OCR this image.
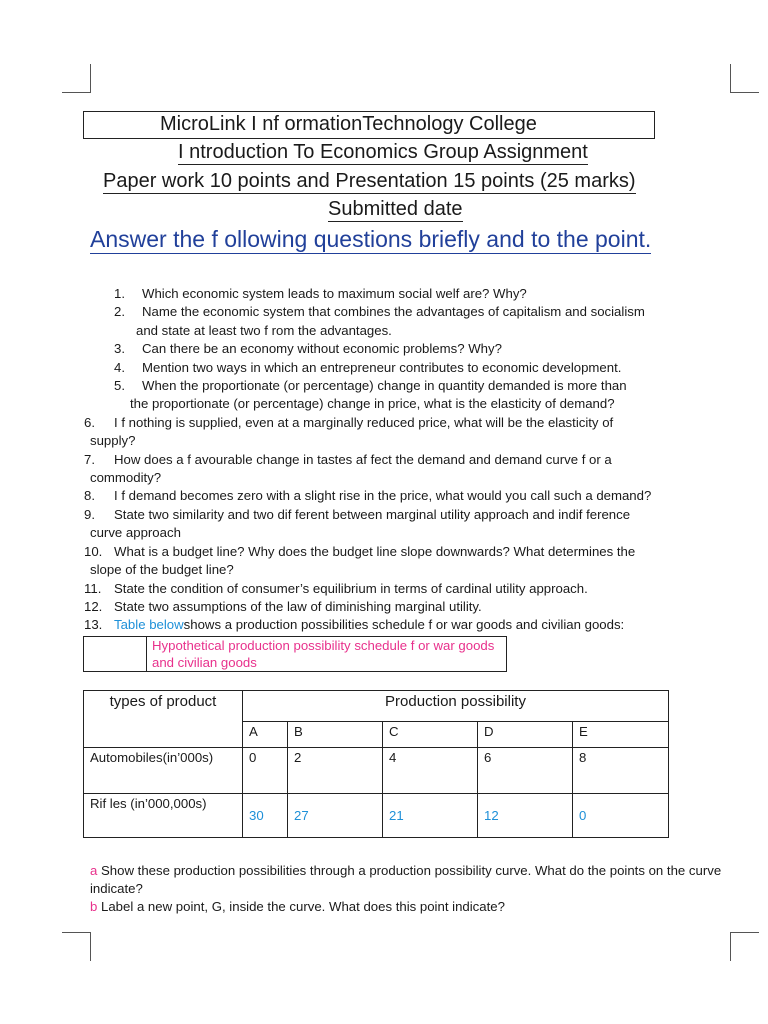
MicroLink I nf ormationTechnology College
I ntroduction To Economics Group Assignment
Paper work 10 points and Presentation 15 points (25 marks)
Submitted date
Answer the f ollowing questions briefly and to the point.
1. Which economic system leads to maximum social welf are? Why?
2. Name the economic system that combines the advantages of capitalism and socialism
and state at least two f rom the advantages.
3. Can there be an economy without economic problems? Why?
4. Mention two ways in which an entrepreneur contributes to economic development.
5. When the proportionate (or percentage) change in quantity demanded is more than
the proportionate (or percentage) change in price, what is the elasticity of demand?
6. I f nothing is supplied, even at a marginally reduced price, what will be the elasticity of
supply?
7. How does a f avourable change in tastes af fect the demand and demand curve f or a
commodity?
8. I f demand becomes zero with a slight rise in the price, what would you call such a demand?
9. State two similarity and two dif ferent between marginal utility approach and indif ference
curve approach
10. What is a budget line? Why does the budget line slope downwards? What determines the
slope of the budget line?
11. State the condition of consumer’s equilibrium in terms of cardinal utility approach.
12. State two assumptions of the law of diminishing marginal utility.
13. Table belowshows a production possibilities schedule f or war goods and civilian goods:
	Hypothetical production possibility schedule f or war goods and civilian goods
types of product	Production possibility				
	A	B	C	D	E
Automobiles(in’000s)	0	2	4	6	8
Rif les (in’000,000s)	30	27	21	12	0
a Show these production possibilities through a production possibility curve. What do the points on the curve indicate?
b Label a new point, G, inside the curve. What does this point indicate?
